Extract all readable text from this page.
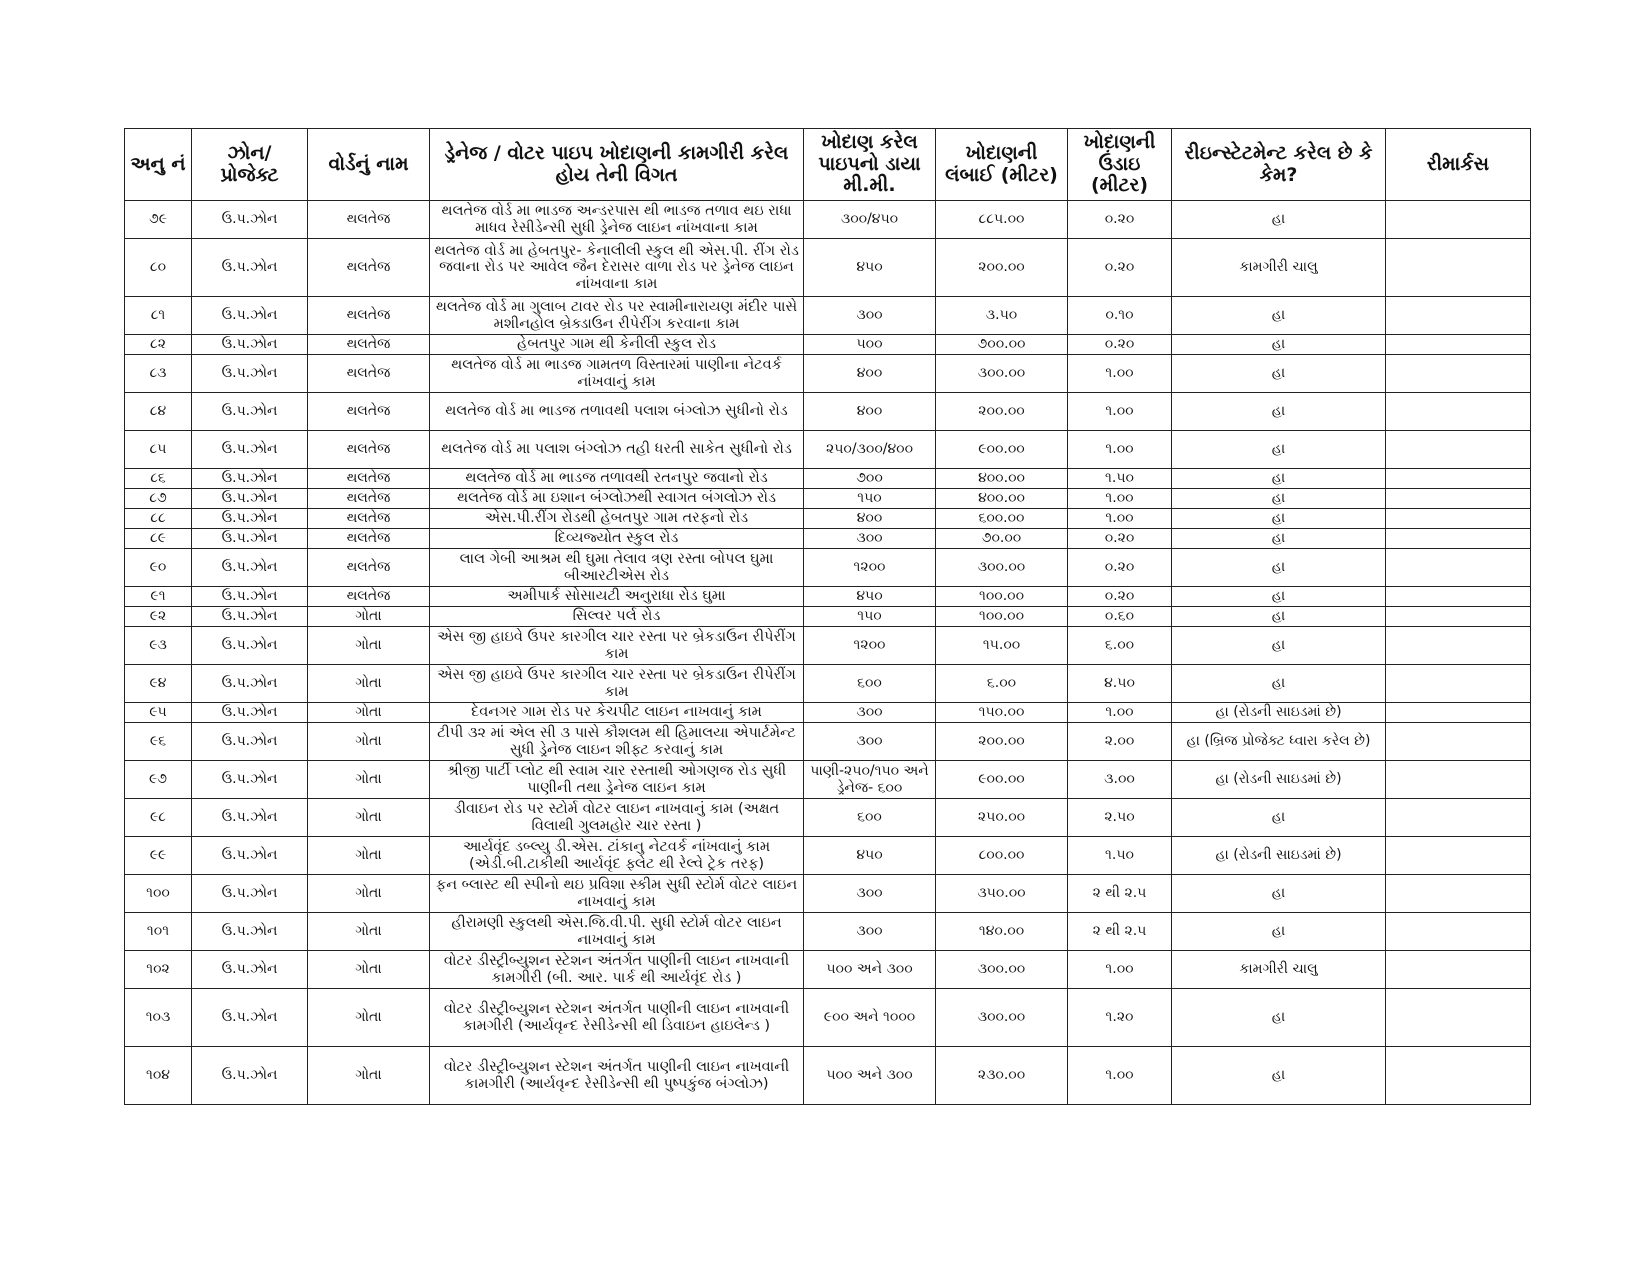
અનુ નં	ઝોન/ પ્રોજેક્ટ	વોર્ડનું નામ	ડ્રેનેજ / વોટર પાઇપ ખોદાણની કામગીરી કરેલ હોય તેની વિગત	ખોદાણ કરેલ પાઇપનો ડાયા મી.મી.	ખોદાણની લંબાઈ (મીટર)	ખોદાણની ઉંડાઇ (મીટર)	રીઇન્સ્ટેટમેન્ટ કરેલ છે કે કેમ?	રીમાર્કસ
૭૯	ઉ.પ.ઝોન	થલતેજ	થલતેજ વોર્ડ મા ભાડજ અન્ડરપાસ થી ભાડજ તળાવ થઇ રાધા માધવ રેસીડેન્સી સુધી ડ્રેનેજ લાઇન નાંખવાના કામ	૩૦૦/૪૫૦	૮૮૫.૦૦	૦.૨૦	હા	
૮૦	ઉ.પ.ઝોન	થલતેજ	થલતેજ વોર્ડ મા હેબતપુર- કેનાલીલી સ્કુલ થી એસ.પી. રીંગ રોડ જવાના રોડ પર આવેલ જૈન દેરાસર વાળા રોડ પર ડ્રેનેજ લાઇન નાંખવાના કામ	૪૫૦	૨૦૦.૦૦	૦.૨૦	કામગીરી ચાલુ	
૮૧	ઉ.પ.ઝોન	થલતેજ	થલતેજ વોર્ડ મા ગુલાબ ટાવર રોડ પર સ્વામીનારાયણ મંદીર પાસે મશીનહોલ બ્રેક્ડાઉન રીપેરીંગ કરવાના કામ	૩૦૦	૩.૫૦	૦.૧૦	હા	
૮૨	ઉ.પ.ઝોન	થલતેજ	હેબતપુર ગામ થી કેનીલી સ્કુલ રોડ	૫૦૦	૭૦૦.૦૦	૦.૨૦	હા	
૮૩	ઉ.પ.ઝોન	થલતેજ	થલતેજ વોર્ડ મા ભાડજ ગામતળ વિસ્તારમાં પાણીના નેટવર્ક નાંખવાનું કામ	૪૦૦	૩૦૦.૦૦	૧.૦૦	હા	
૮૪	ઉ.પ.ઝોન	થલતેજ	થલતેજ વોર્ડ મા ભાડજ તળાવથી પલાશ બંગ્લોઝ સુધીનો રોડ	૪૦૦	૨૦૦.૦૦	૧.૦૦	હા	
૮૫	ઉ.પ.ઝોન	થલતેજ	થલતેજ વોર્ડ મા પલાશ બંગ્લોઝ તહી ધરતી સાકેત સુધીનો રોડ	૨૫૦/૩૦૦/૪૦૦	૯૦૦.૦૦	૧.૦૦	હા	
૮૬	ઉ.પ.ઝોન	થલતેજ	થલતેજ વોર્ડ મા ભાડજ તળાવથી રતનપુર જવાનો રોડ	૭૦૦	૪૦૦.૦૦	૧.૫૦	હા	
૮૭	ઉ.પ.ઝોન	થલતેજ	થલતેજ વોર્ડ મા ઇશાન બંગ્લોઝથી સ્વાગત બંગલોઝ રોડ	૧૫૦	૪૦૦.૦૦	૧.૦૦	હા	
૮૮	ઉ.પ.ઝોન	થલતેજ	એસ.પી.રીંગ રોડથી હેબતપુર ગામ તરફનો રોડ	૪૦૦	૬૦૦.૦૦	૧.૦૦	હા	
૮૯	ઉ.પ.ઝોન	થલતેજ	દિવ્યજ્યોત સ્કુલ રોડ	૩૦૦	૭૦.૦૦	૦.૨૦	હા	
૯૦	ઉ.પ.ઝોન	થલતેજ	લાલ ગેબી આશ્રમ થી ઘુમા તેલાવ ત્રણ રસ્તા બોપલ ઘુમા બીઆરટીએસ રોડ	૧૨૦૦	૩૦૦.૦૦	૦.૨૦	હા	
૯૧	ઉ.પ.ઝોન	થલતેજ	અમીપાર્ક સોસાયટી અનુરાધા રોડ ઘુમા	૪૫૦	૧૦૦.૦૦	૦.૨૦	હા	
૯૨	ઉ.પ.ઝોન	ગોતા	સિલ્વર પર્લ રોડ	૧૫૦	૧૦૦.૦૦	૦.૬૦	હા	
૯૩	ઉ.પ.ઝોન	ગોતા	એસ જી હાઇવે ઉપર કારગીલ ચાર રસ્તા પર બ્રેકડાઉન રીપેરીંગ કામ	૧૨૦૦	૧૫.૦૦	૬.૦૦	હા	
૯૪	ઉ.પ.ઝોન	ગોતા	એસ જી હાઇવે ઉપર કારગીલ ચાર રસ્તા પર બ્રેકડાઉન રીપેરીંગ કામ	૬૦૦	૬.૦૦	૪.૫૦	હા	
૯૫	ઉ.પ.ઝોન	ગોતા	દેવનગર ગામ રોડ પર કેચપીટ લાઇન નાખવાનું કામ	૩૦૦	૧૫૦.૦૦	૧.૦૦	હા (રોડની સાઇડમાં છે)	
૯૬	ઉ.પ.ઝોન	ગોતા	ટીપી ૩૨ માં એલ સી ૩ પાસે કૌશલમ થી હિમાલયા એપાર્ટમેન્ટ સુધી ડ્રેનેજ લાઇન શીફ્ટ કરવાનું કામ	૩૦૦	૨૦૦.૦૦	૨.૦૦	હા (બ્રિજ પ્રોજેક્ટ ધ્વારા કરેલ છે)	
૯૭	ઉ.પ.ઝોન	ગોતા	શ્રીજી પાર્ટી પ્લોટ થી સ્વામ ચાર રસ્તાથી ઓગણજ રોડ સુધી પાણીની તથા ડ્રેનેજ લાઇન કામ	પાણી-૨૫૦/૧૫૦ અને ડ્રેનેજ- ૬૦૦	૯૦૦.૦૦	૩.૦૦	હા (રોડની સાઇડમાં છે)	
૯૮	ઉ.પ.ઝોન	ગોતા	ડીવાઇન રોડ પર સ્ટોર્મ વોટર લાઇન નાખવાનું કામ (અક્ષત વિલાથી ગુલમહોર ચાર રસ્તા )	૬૦૦	૨૫૦.૦૦	૨.૫૦	હા	
૯૯	ઉ.પ.ઝોન	ગોતા	આર્યવૃંદ ડબ્લ્યુ ડી.એસ. ટાંકાનુ નેટવર્ક નાંખવાનું કામ (એડી.બી.ટાકીથી આર્યવૃંદ ફ્લેટ થી રેલ્વે ટ્રેક તરફ)	૪૫૦	૮૦૦.૦૦	૧.૫૦	હા (રોડની સાઇડમાં છે)	
૧૦૦	ઉ.પ.ઝોન	ગોતા	ફન બ્લાસ્ટ થી સ્પીનો થઇ પ્રવિશા સ્કીમ સુધી સ્ટોર્મ વોટર લાઇન નાખવાનું કામ	૩૦૦	૩૫૦.૦૦	૨ થી ૨.૫	હા	
૧૦૧	ઉ.પ.ઝોન	ગોતા	હીરામણી સ્કુલથી એસ.જિ.વી.પી. સુધી સ્ટોર્મ વોટર લાઇન નાખવાનું કામ	૩૦૦	૧૪૦.૦૦	૨ થી ૨.૫	હા	
૧૦૨	ઉ.પ.ઝોન	ગોતા	વોટર ડીસ્ટ્રીબ્યુશન સ્ટેશન અંતર્ગત પાણીની લાઇન નાખવાની કામગીરી (બી. આર. પાર્ક થી આર્યવૃંદ રોડ )	૫૦૦ અને ૩૦૦	૩૦૦.૦૦	૧.૦૦	કામગીરી ચાલુ	
૧૦૩	ઉ.પ.ઝોન	ગોતા	વોટર ડીસ્ટ્રીબ્યુશન સ્ટેશન અંતર્ગત પાણીની લાઇન નાખવાની કામગીરી (આર્યવૃન્દ રેસીડેન્સી થી ડિવાઇન હાઇલેન્ડ )	૯૦૦ અને ૧૦૦૦	૩૦૦.૦૦	૧.૨૦	હા	
૧૦૪	ઉ.પ.ઝોન	ગોતા	વોટર ડીસ્ટ્રીબ્યુશન સ્ટેશન અંતર્ગત પાણીની લાઇન નાખવાની કામગીરી (આર્યવૃન્દ રેસીડેન્સી થી પુષ્પકુંજ બંગ્લોઝ)	૫૦૦ અને ૩૦૦	૨૩૦.૦૦	૧.૦૦	હા	
